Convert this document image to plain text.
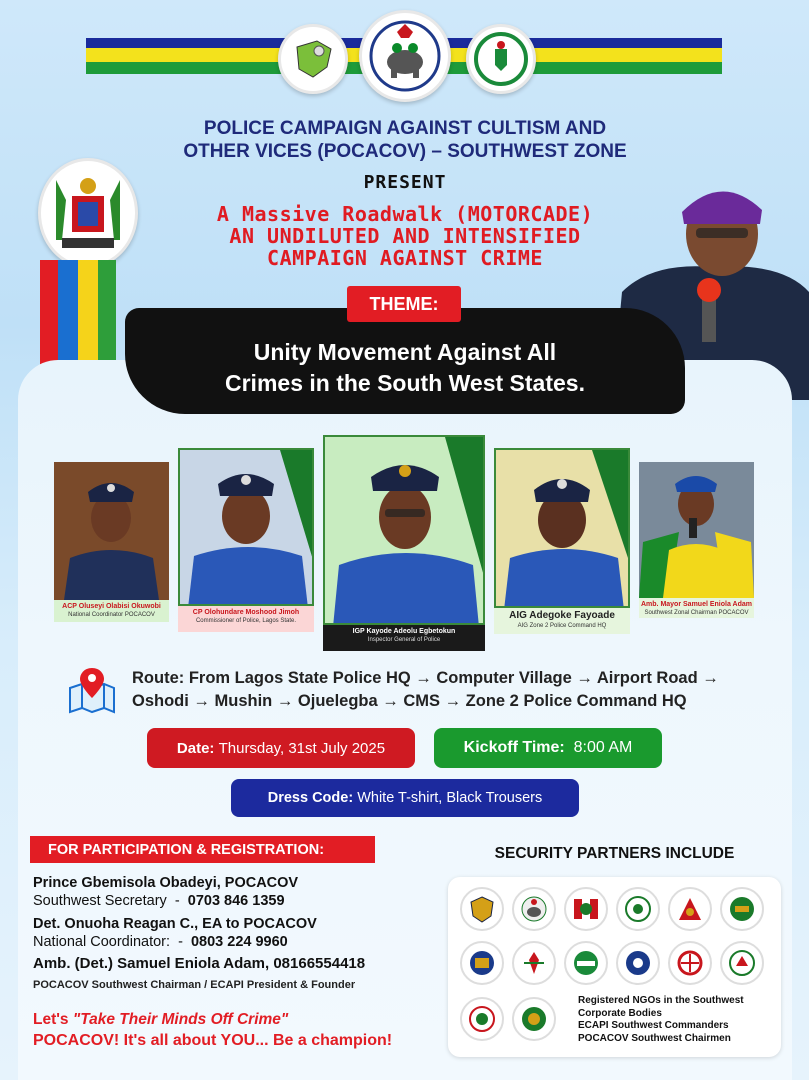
POLICE CAMPAIGN AGAINST CULTISM AND
OTHER VICES (POCACOV) – SOUTHWEST ZONE
PRESENT
A Massive Roadwalk (MOTORCADE)
AN UNDILUTED AND INTENSIFIED
CAMPAIGN AGAINST CRIME
Unity Movement Against All
Crimes in the South West States.
THEME:
ACP Oluseyi Olabisi Okuwobi
National Coordinator POCACOV	CP Olohundare Moshood Jimoh
Commissioner of Police, Lagos State.
IGP Kayode Adeolu Egbetokun
Inspector General of Police
AIG Adegoke Fayoade
AIG Zone 2 Police Command HQ
Amb. Mayor Samuel Eniola Adam
Southwest Zonal Chairman POCACOV
Route: From Lagos State Police HQ → Computer Village → Airport Road →
Oshodi → Mushin → Ojuelegba → CMS → Zone 2 Police Command HQ
Date:
Thursday, 31st July 2025	Kickoff Time:
8:00 AM
Dress Code:
White T-shirt, Black Trousers
FOR PARTICIPATION & REGISTRATION:
Prince Gbemisola Obadeyi, POCACOV
Southwest Secretary  -  0703 846 1359
Det. Onuoha Reagan C., EA to POCACOV
National Coordinator:  -  0803 224 9960
Amb. (Det.) Samuel Eniola Adam, 08166554418
POCACOV Southwest Chairman / ECAPI President & Founder
Let's "Take Their Minds Off Crime"
POCACOV! It's all about YOU... Be a champion!
SECURITY PARTNERS INCLUDE
Registered NGOs in the Southwest
Corporate Bodies
ECAPI Southwest Commanders
POCACOV Southwest Chairmen
